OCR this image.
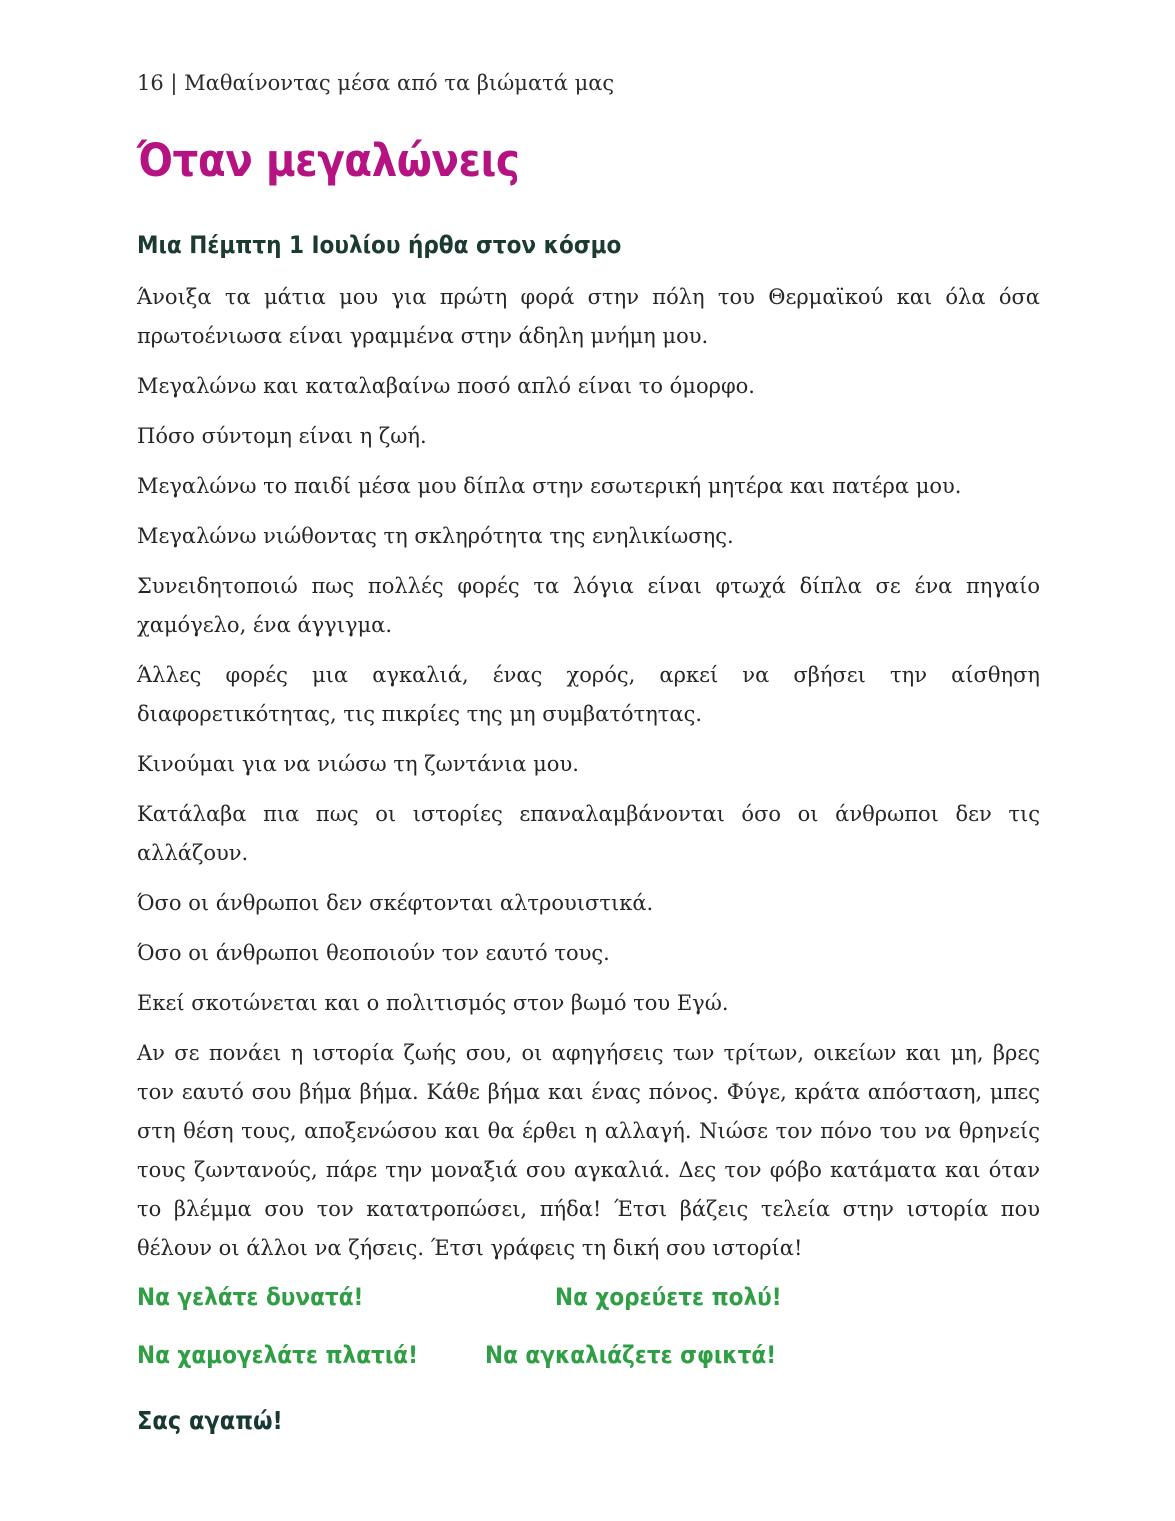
16 | Μαθαίνοντας μέσα από τα βιώματά μας

Όταν μεγαλώνεις
Μια Πέμπτη 1 Ιουλίου ήρθα στον κόσμο

Άνοιξα τα μάτια μου για πρώτη φορά στην πόλη του Θερμαϊκού και όλα όσα πρωτοένιωσα είναι γραμμένα στην άδηλη μνήμη μου.

Μεγαλώνω και καταλαβαίνω ποσό απλό είναι το όμορφο.

Πόσο σύντομη είναι η ζωή.

Μεγαλώνω το παιδί μέσα μου δίπλα στην εσωτερική μητέρα και πατέρα μου.

Μεγαλώνω νιώθοντας τη σκληρότητα της ενηλικίωσης.

Συνειδητοποιώ πως πολλές φορές τα λόγια είναι φτωχά δίπλα σε ένα πηγαίο χαμόγελο, ένα άγγιγμα.

Άλλες φορές μια αγκαλιά, ένας χορός, αρκεί να σβήσει την αίσθηση διαφορετικότητας, τις πικρίες της μη συμβατότητας.

Κινούμαι για να νιώσω τη ζωντάνια μου.

Κατάλαβα πια πως οι ιστορίες επαναλαμβάνονται όσο οι άνθρωποι δεν τις αλλάζουν.

Όσο οι άνθρωποι δεν σκέφτονται αλτρουιστικά.

Όσο οι άνθρωποι θεοποιούν τον εαυτό τους.

Εκεί σκοτώνεται και ο πολιτισμός στον βωμό του Εγώ.

Αν σε πονάει η ιστορία ζωής σου, οι αφηγήσεις των τρίτων, οικείων και μη, βρες τον εαυτό σου βήμα βήμα. Κάθε βήμα και ένας πόνος. Φύγε, κράτα απόσταση, μπες στη θέση τους, αποξενώσου και θα έρθει η αλλαγή. Νιώσε τον πόνο του να θρηνείς τους ζωντανούς, πάρε την μοναξιά σου αγκαλιά. Δες τον φόβο κατάματα και όταν το βλέμμα σου τον κατατροπώσει, πήδα! Έτσι βάζεις τελεία στην ιστορία που θέλουν οι άλλοι να ζήσεις. Έτσι γράφεις τη δική σου ιστορία!

Να γελάτε δυνατά!	Να χορεύετε πολύ!
Να χαμογελάτε πλατιά!	Να αγκαλιάζετε σφικτά!

Σας αγαπώ!
